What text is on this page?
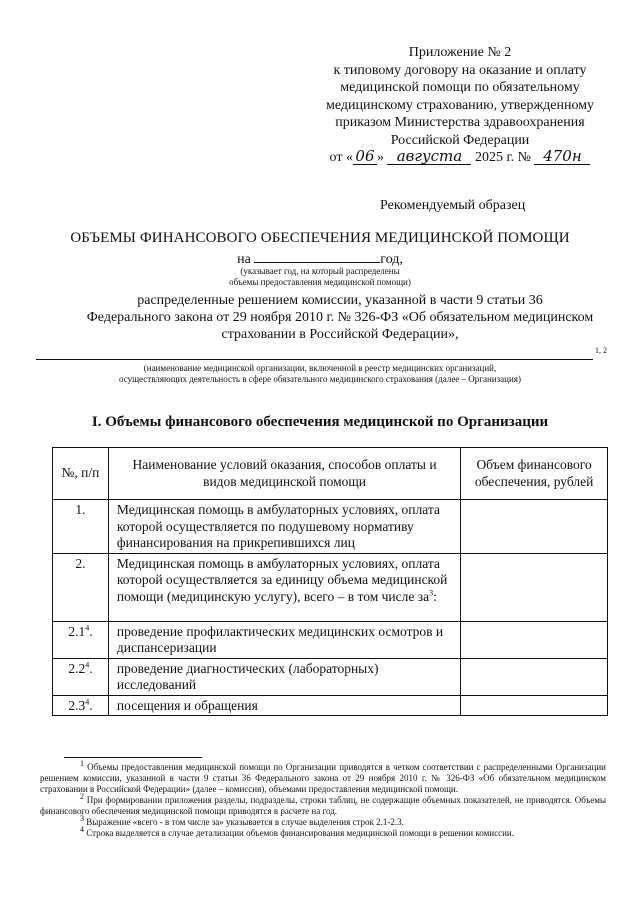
Приложение № 2
к типовому договору на оказание и оплату
медицинской помощи по обязательному
медицинскому страхованию, утвержденному
приказом Министерства здравоохранения
Российской Федерации
от « 06 » августа 2025 г. № 470н
Рекомендуемый образец
ОБЪЕМЫ ФИНАНСОВОГО ОБЕСПЕЧЕНИЯ МЕДИЦИНСКОЙ ПОМОЩИ
на	год,
(указывает год, на который распределены
объемы предоставления медицинской помощи)
распределенные решением комиссии, указанной в части 9 статьи 36
Федерального закона от 29 ноября 2010 г. № 326-ФЗ «Об обязательном медицинском
страховании в Российской Федерации»,
1, 2
(наименование медицинской организации, включенной в реестр медицинских организаций,
осуществляющих деятельность в сфере обязательного медицинского страхования (далее – Организация)
I. Объемы финансового обеспечения медицинской по Организации
№, п/п	Наименование условий оказания, способов оплаты и видов медицинской помощи	Объем финансового обеспечения, рублей
1.	Медицинская помощь в амбулаторных условиях, оплата которой осуществляется по подушевому нормативу финансирования на прикрепившихся лиц	
2.	Медицинская помощь в амбулаторных условиях, оплата которой осуществляется за единицу объема медицинской помощи (медицинскую услугу), всего – в том числе $за^3$:	
$2.1^4$.	проведение профилактических медицинских осмотров и диспансеризации	
$2.2^4$.	проведение диагностических (лабораторных) исследований	
$2.3^4$.	посещения и обращения	

$^1$ Объемы предоставления медицинской помощи по Организации приводятся в четком соответствии с распределенными Организации решением комиссии, указанной в части 9 статьи 36 Федерального закона от 29 ноября 2010 г. № 326-ФЗ «Об обязательном медицинском страховании в Российской Федерации» (далее – комиссия), объемами предоставления медицинской помощи.

$^2$ При формировании приложения разделы, подразделы, строки таблиц, не содержащие объемных показателей, не приводятся. Объемы финансового обеспечения медицинской помощи приводятся в расчете на год.

$^3$ Выражение «всего - в том числе за» указывается в случае выделения строк 2.1-2.3.

$^4$ Строка выделяется в случае детализации объемов финансирования медицинской помощи в решении комиссии.
